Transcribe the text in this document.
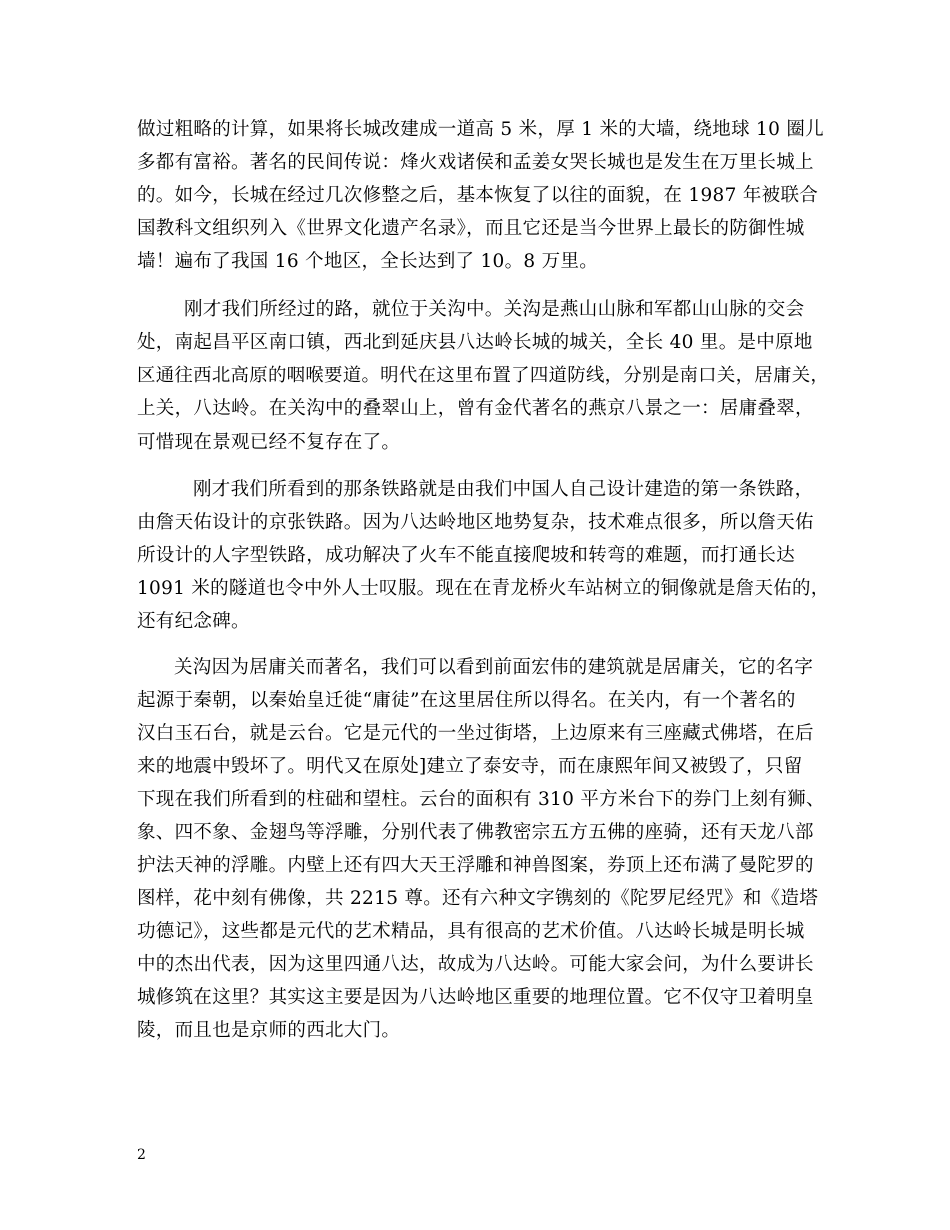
做过粗略的计算，如果将长城改建成一道高 5 米，厚 1 米的大墙，绕地球 10 圈儿
多都有富裕。著名的民间传说：烽火戏诸侯和孟姜女哭长城也是发生在万里长城上
的。如今，长城在经过几次修整之后，基本恢复了以往的面貌，在 1987 年被联合
国教科文组织列入《世界文化遗产名录》，而且它还是当今世界上最长的防御性城
墙！遍布了我国 16 个地区，全长达到了 10。8 万里。
刚才我们所经过的路，就位于关沟中。关沟是燕山山脉和军都山山脉的交会
处，南起昌平区南口镇，西北到延庆县八达岭长城的城关，全长 40 里。是中原地
区通往西北高原的咽喉要道。明代在这里布置了四道防线，分别是南口关，居庸关，
上关，八达岭。在关沟中的叠翠山上，曾有金代著名的燕京八景之一：居庸叠翠，
可惜现在景观已经不复存在了。
刚才我们所看到的那条铁路就是由我们中国人自己设计建造的第一条铁路，
由詹天佑设计的京张铁路。因为八达岭地区地势复杂，技术难点很多，所以詹天佑
所设计的人字型铁路，成功解决了火车不能直接爬坡和转弯的难题，而打通长达
1091 米的隧道也令中外人士叹服。现在在青龙桥火车站树立的铜像就是詹天佑的，
还有纪念碑。
关沟因为居庸关而著名，我们可以看到前面宏伟的建筑就是居庸关，它的名字
起源于秦朝，以秦始皇迁徙“庸徒”在这里居住所以得名。在关内，有一个著名的
汉白玉石台，就是云台。它是元代的一坐过街塔，上边原来有三座藏式佛塔，在后
来的地震中毁坏了。明代又在原处]建立了泰安寺，而在康熙年间又被毁了，只留
下现在我们所看到的柱础和望柱。云台的面积有 310 平方米台下的券门上刻有狮、
象、四不象、金翅鸟等浮雕，分别代表了佛教密宗五方五佛的座骑，还有天龙八部
护法天神的浮雕。内壁上还有四大天王浮雕和神兽图案，券顶上还布满了曼陀罗的
图样，花中刻有佛像，共 2215 尊。还有六种文字镌刻的《陀罗尼经咒》和《造塔
功德记》，这些都是元代的艺术精品，具有很高的艺术价值。八达岭长城是明长城
中的杰出代表，因为这里四通八达，故成为八达岭。可能大家会问，为什么要讲长
城修筑在这里？其实这主要是因为八达岭地区重要的地理位置。它不仅守卫着明皇
陵，而且也是京师的西北大门。
2
